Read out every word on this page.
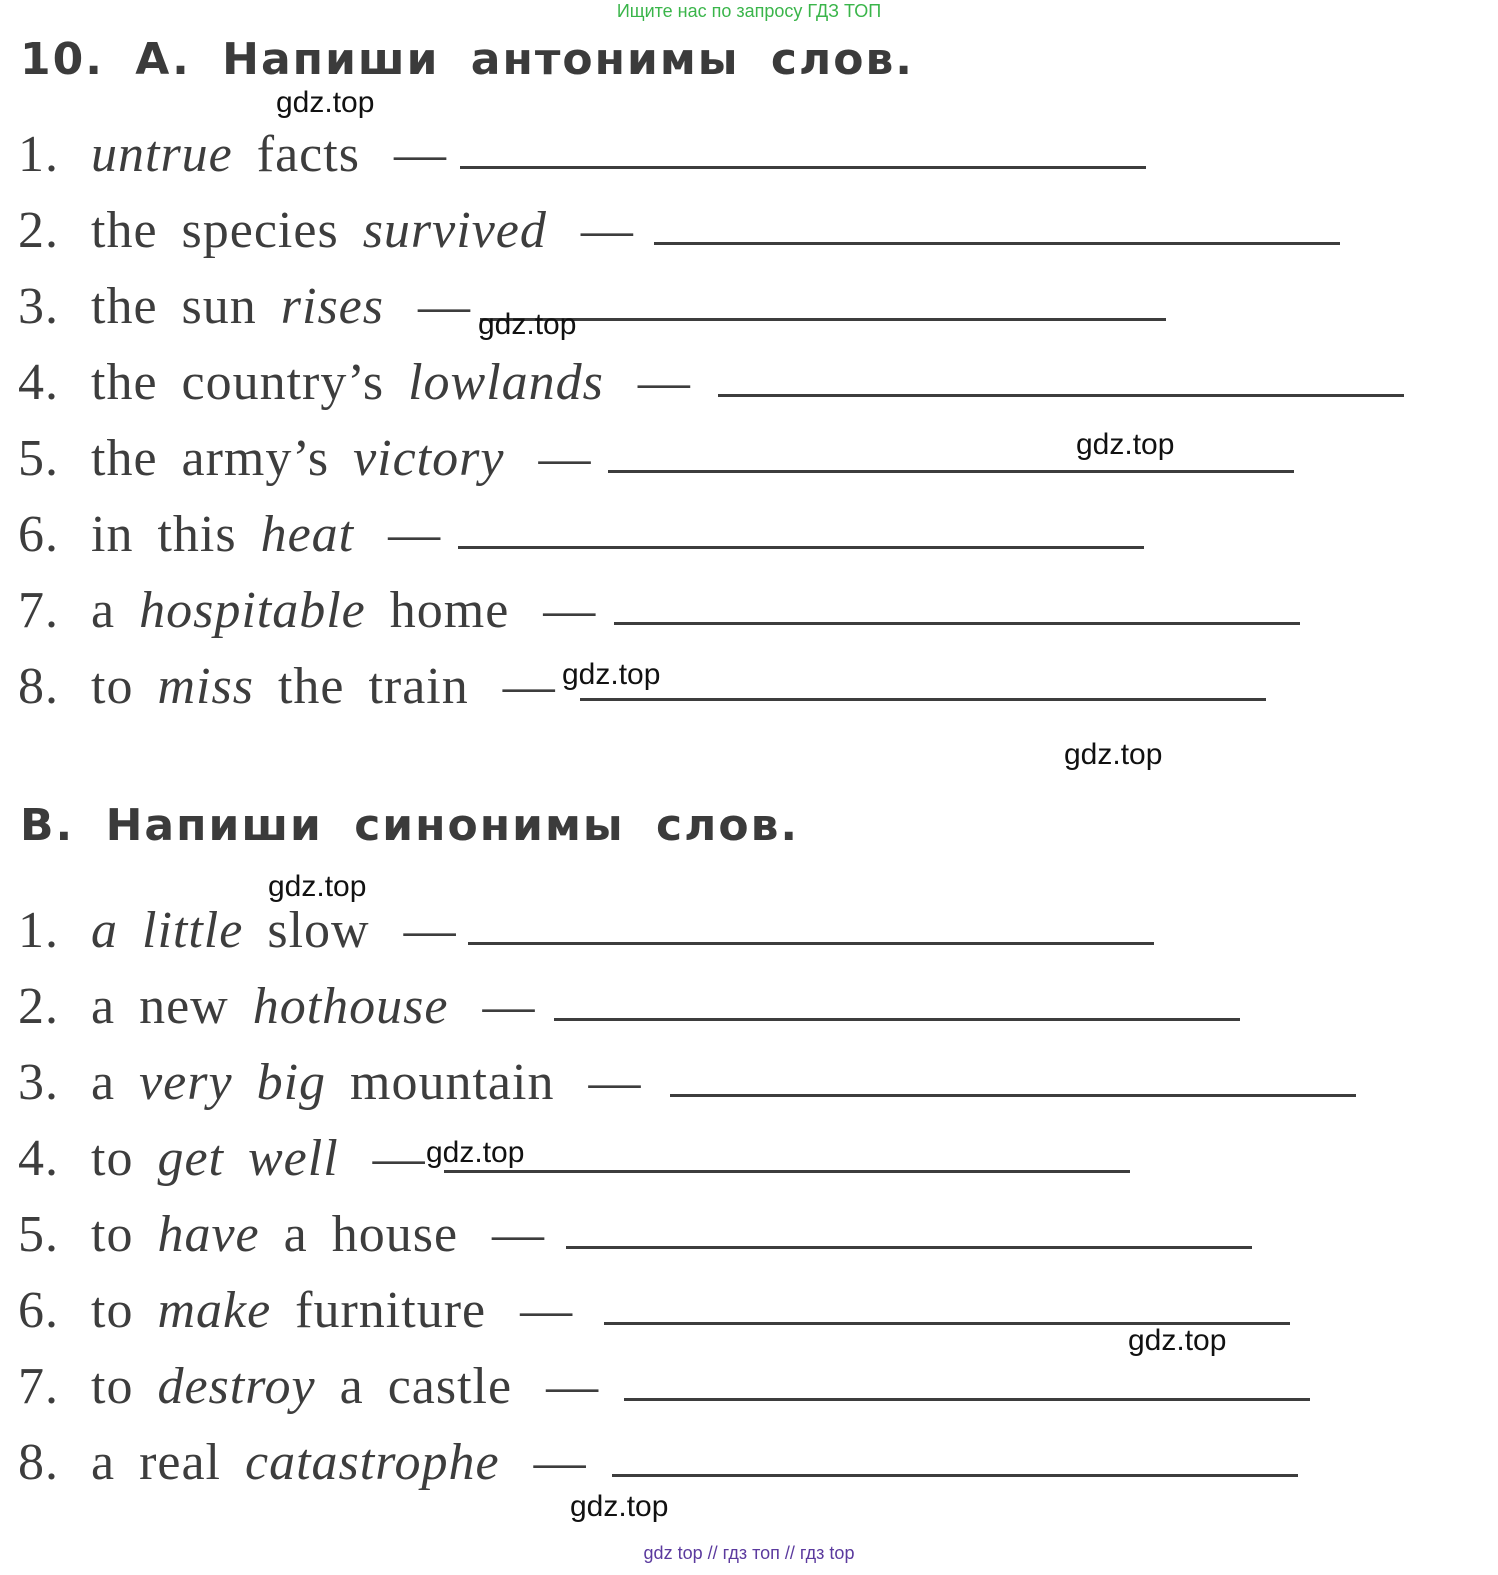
Ищите нас по запросу ГДЗ ТОП
10. A. Напиши антонимы слов.
1. untrue facts —
2. the species survived —
3. the sun rises —
4. the country’s lowlands —
5. the army’s victory —
6. in this heat —
7. a hospitable home —
8. to miss the train —
B. Напиши синонимы слов.
1. a little slow —
2. a new hothouse —
3. a very big mountain —
4. to get well —
5. to have a house —
6. to make furniture —
7. to destroy a castle —
8. a real catastrophe —
gdz.top
gdz.top
gdz.top
gdz.top
gdz.top
gdz.top
gdz.top
gdz.top
gdz.top
gdz top // гдз топ // гдз top
